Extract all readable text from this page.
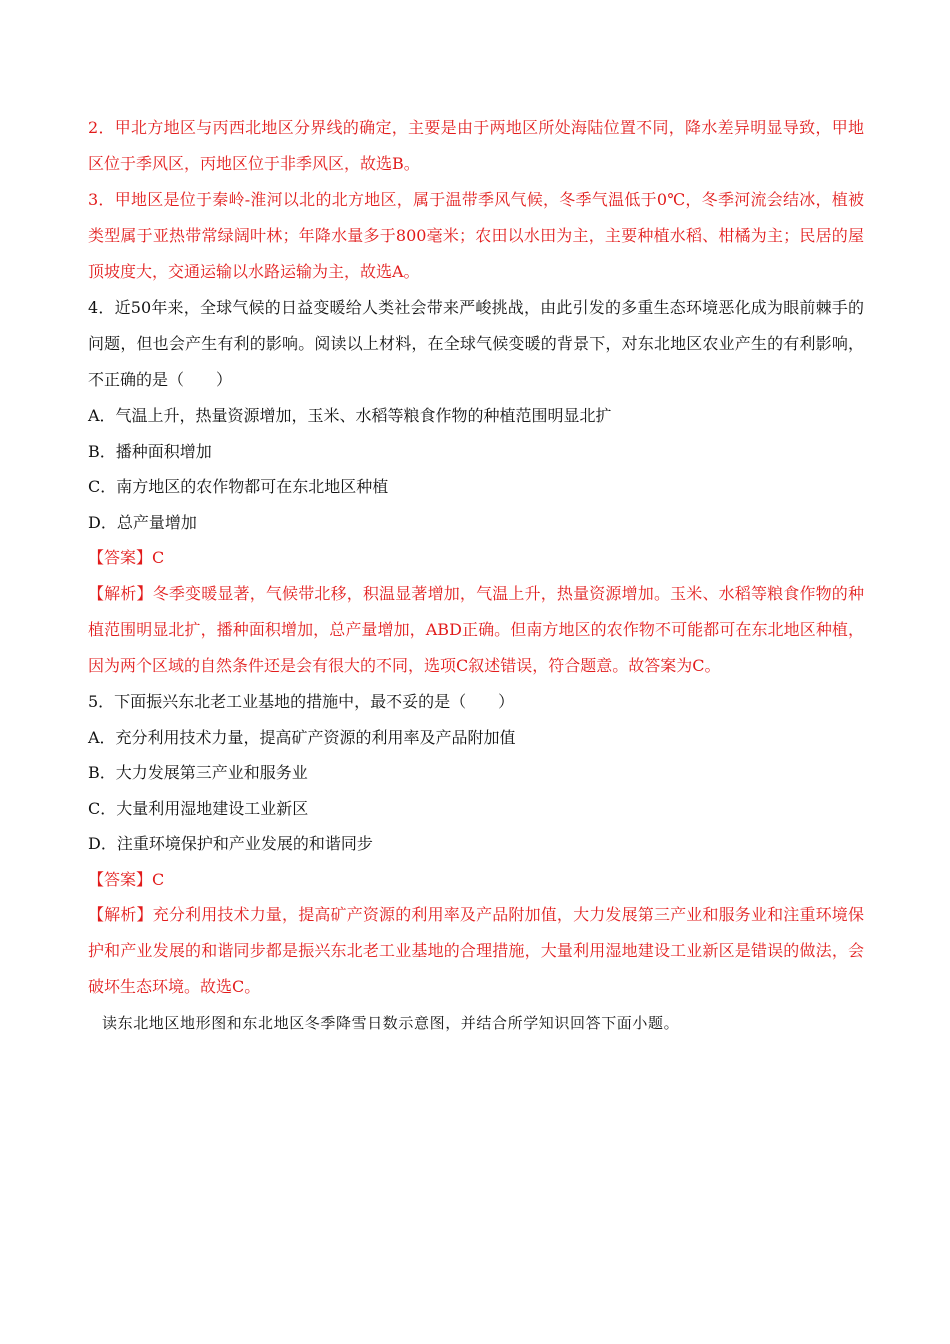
2．甲北方地区与丙西北地区分界线的确定，主要是由于两地区所处海陆位置不同，降水差异明显导致，甲地区位于季风区，丙地区位于非季风区，故选B。

3．甲地区是位于秦岭-淮河以北的北方地区，属于温带季风气候，冬季气温低于0℃，冬季河流会结冰，植被类型属于亚热带常绿阔叶林；年降水量多于800毫米；农田以水田为主，主要种植水稻、柑橘为主；民居的屋顶坡度大，交通运输以水路运输为主，故选A。

4．近50年来，全球气候的日益变暖给人类社会带来严峻挑战，由此引发的多重生态环境恶化成为眼前棘手的问题，但也会产生有利的影响。阅读以上材料，在全球气候变暖的背景下，对东北地区农业产生的有利影响，不正确的是（　　）

A．气温上升，热量资源增加，玉米、水稻等粮食作物的种植范围明显北扩

B．播种面积增加

C．南方地区的农作物都可在东北地区种植

D．总产量增加

【答案】C

【解析】冬季变暖显著，气候带北移，积温显著增加，气温上升，热量资源增加。玉米、水稻等粮食作物的种植范围明显北扩，播种面积增加，总产量增加，ABD正确。但南方地区的农作物不可能都可在东北地区种植，因为两个区域的自然条件还是会有很大的不同，选项C叙述错误，符合题意。故答案为C。

5．下面振兴东北老工业基地的措施中，最不妥的是（　　）

A．充分利用技术力量，提高矿产资源的利用率及产品附加值

B．大力发展第三产业和服务业

C．大量利用湿地建设工业新区

D．注重环境保护和产业发展的和谐同步

【答案】C

【解析】充分利用技术力量，提高矿产资源的利用率及产品附加值，大力发展第三产业和服务业和注重环境保护和产业发展的和谐同步都是振兴东北老工业基地的合理措施，大量利用湿地建设工业新区是错误的做法，会破坏生态环境。故选C。

读东北地区地形图和东北地区冬季降雪日数示意图，并结合所学知识回答下面小题。
